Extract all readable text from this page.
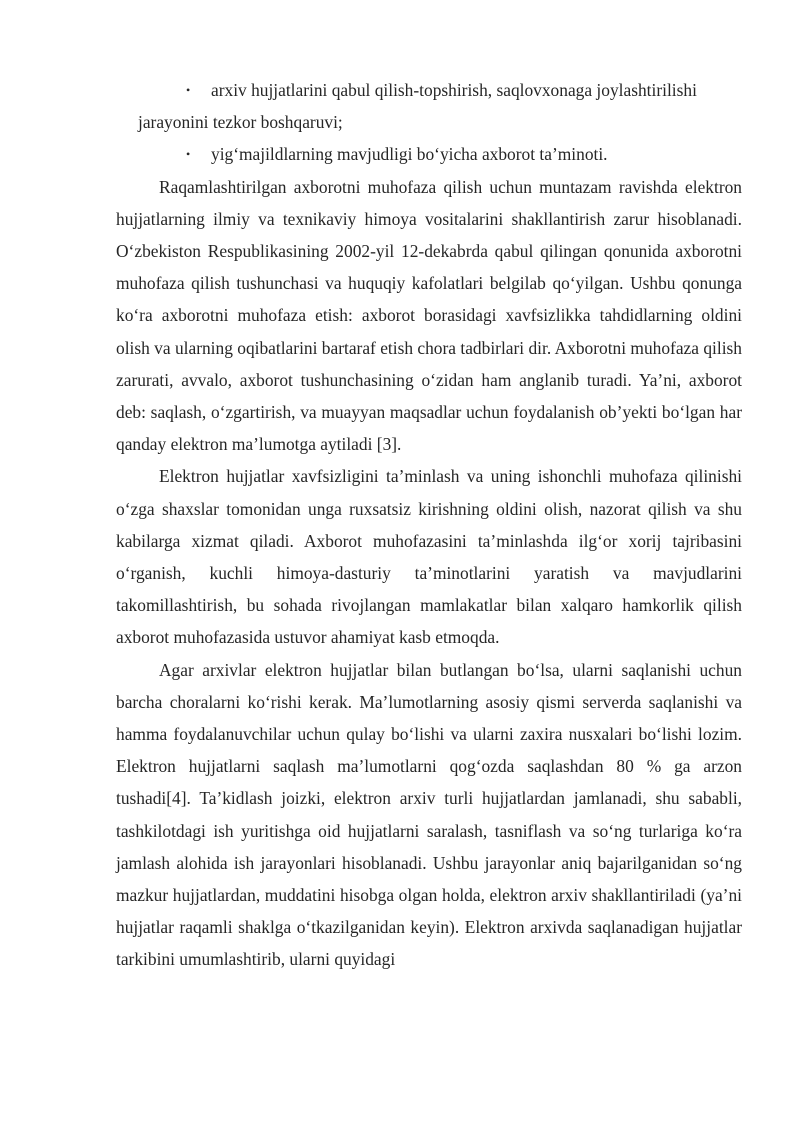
• arxiv hujjatlarini qabul qilish-topshirish, saqlovxonaga joylashtirilishi

jarayonini tezkor boshqaruvi;

• yig‘majildlarning mavjudligi bo‘yicha axborot ta’minoti.

Raqamlashtirilgan axborotni muhofaza qilish uchun muntazam ravishda elektron hujjatlarning ilmiy va texnikaviy himoya vositalarini shakllantirish zarur hisoblanadi. O‘zbekiston Respublikasining 2002-yil 12-dekabrda qabul qilingan qonunida axborotni muhofaza qilish tushunchasi va huquqiy kafolatlari belgilab qo‘yilgan. Ushbu qonunga ko‘ra axborotni muhofaza etish: axborot borasidagi xavfsizlikka tahdidlarning oldini olish va ularning oqibatlarini bartaraf etish chora tadbirlari dir. Axborotni muhofaza qilish zarurati, avvalo, axborot tushunchasining o‘zidan ham anglanib turadi. Ya’ni, axborot deb: saqlash, o‘zgartirish, va muayyan maqsadlar uchun foydalanish ob’yekti bo‘lgan har qanday elektron ma’lumotga aytiladi [3].

Elektron hujjatlar xavfsizligini ta’minlash va uning ishonchli muhofaza qilinishi o‘zga shaxslar tomonidan unga ruxsatsiz kirishning oldini olish, nazorat qilish va shu kabilarga xizmat qiladi. Axborot muhofazasini ta’minlashda ilg‘or xorij tajribasini o‘rganish, kuchli himoya-dasturiy ta’minotlarini yaratish va mavjudlarini takomillashtirish, bu sohada rivojlangan mamlakatlar bilan xalqaro hamkorlik qilish axborot muhofazasida ustuvor ahamiyat kasb etmoqda.

Agar arxivlar elektron hujjatlar bilan butlangan bo‘lsa, ularni saqlanishi uchun barcha choralarni ko‘rishi kerak. Ma’lumotlarning asosiy qismi serverda saqlanishi va hamma foydalanuvchilar uchun qulay bo‘lishi va ularni zaxira nusxalari bo‘lishi lozim. Elektron hujjatlarni saqlash ma’lumotlarni qog‘ozda saqlashdan 80 % ga arzon tushadi[4]. Ta’kidlash joizki, elektron arxiv turli hujjatlardan jamlanadi, shu sababli, tashkilotdagi ish yuritishga oid hujjatlarni saralash, tasniflash va so‘ng turlariga ko‘ra jamlash alohida ish jarayonlari hisoblanadi. Ushbu jarayonlar aniq bajarilganidan so‘ng mazkur hujjatlardan, muddatini hisobga olgan holda, elektron arxiv shakllantiriladi (ya’ni hujjatlar raqamli shaklga o‘tkazilganidan keyin). Elektron arxivda saqlanadigan hujjatlar tarkibini umumlashtirib, ularni quyidagi
